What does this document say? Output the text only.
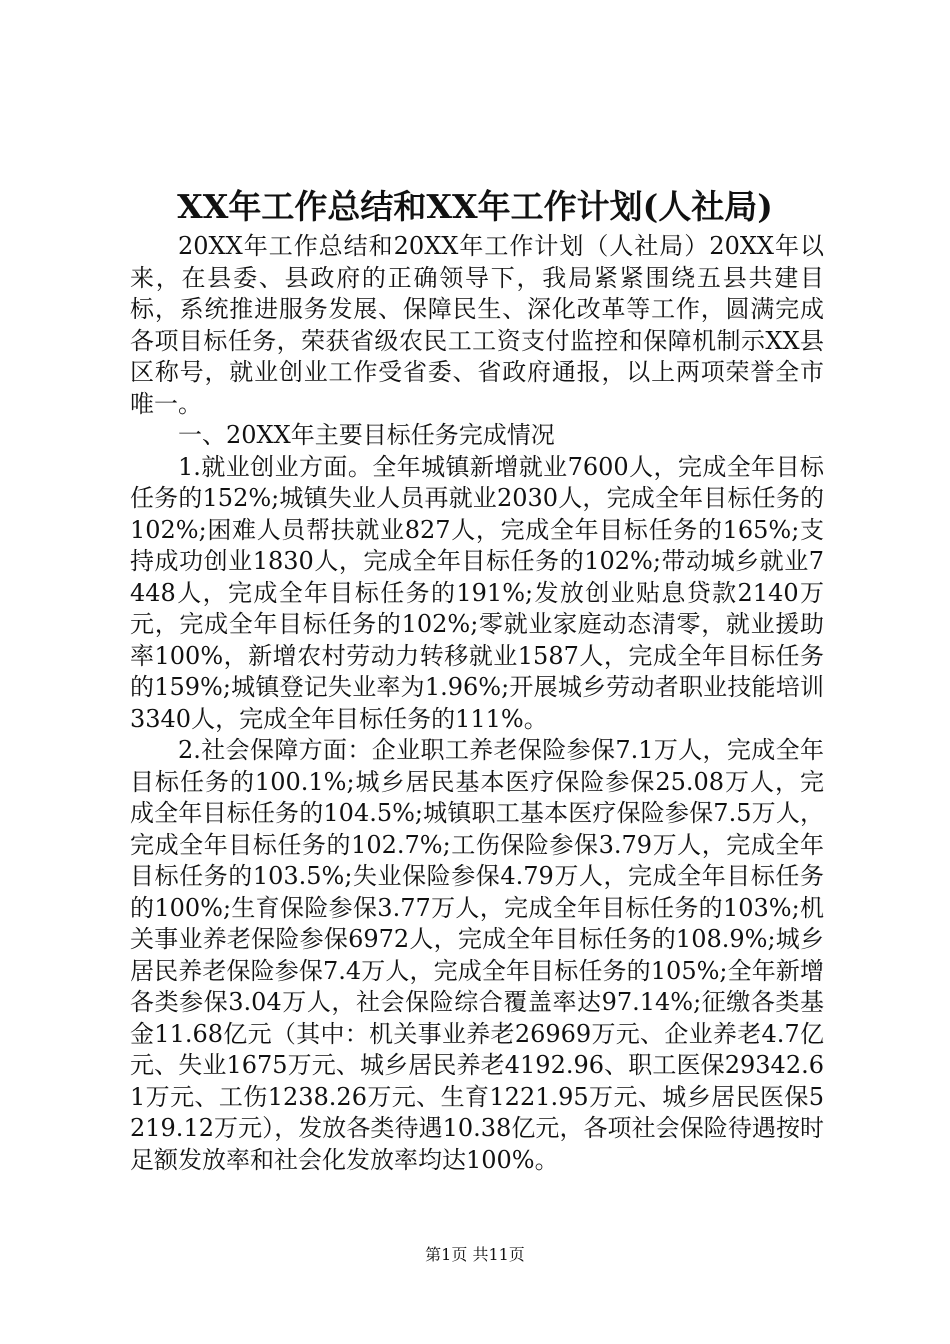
XX年工作总结和XX年工作计划(人社局)

20XX年工作总结和20XX年工作计划（人社局）20XX年以来，在县委、县政府的正确领导下，我局紧紧围绕五县共建目标，系统推进服务发展、保障民生、深化改革等工作，圆满完成各项目标任务，荣获省级农民工工资支付监控和保障机制示XX县区称号，就业创业工作受省委、省政府通报，以上两项荣誉全市唯一。

一、20XX年主要目标任务完成情况

1.就业创业方面。全年城镇新增就业7600人，完成全年目标任务的152%;城镇失业人员再就业2030人，完成全年目标任务的102%;困难人员帮扶就业827人，完成全年目标任务的165%;支持成功创业1830人，完成全年目标任务的102%;带动城乡就业7448人，完成全年目标任务的191%;发放创业贴息贷款2140万元，完成全年目标任务的102%;零就业家庭动态清零，就业援助率100%，新增农村劳动力转移就业1587人，完成全年目标任务的159%;城镇登记失业率为1.96%;开展城乡劳动者职业技能培训3340人，完成全年目标任务的111%。

2.社会保障方面：企业职工养老保险参保7.1万人，完成全年目标任务的100.1%;城乡居民基本医疗保险参保25.08万人，完成全年目标任务的104.5%;城镇职工基本医疗保险参保7.5万人，完成全年目标任务的102.7%;工伤保险参保3.79万人，完成全年目标任务的103.5%;失业保险参保4.79万人，完成全年目标任务的100%;生育保险参保3.77万人，完成全年目标任务的103%;机关事业养老保险参保6972人，完成全年目标任务的108.9%;城乡居民养老保险参保7.4万人，完成全年目标任务的105%;全年新增各类参保3.04万人，社会保险综合覆盖率达97.14%;征缴各类基金11.68亿元（其中：机关事业养老26969万元、企业养老4.7亿元、失业1675万元、城乡居民养老4192.96、职工医保29342.61万元、工伤1238.26万元、生育1221.95万元、城乡居民医保5219.12万元），发放各类待遇10.38亿元，各项社会保险待遇按时足额发放率和社会化发放率均达100%。

第1页 共11页
